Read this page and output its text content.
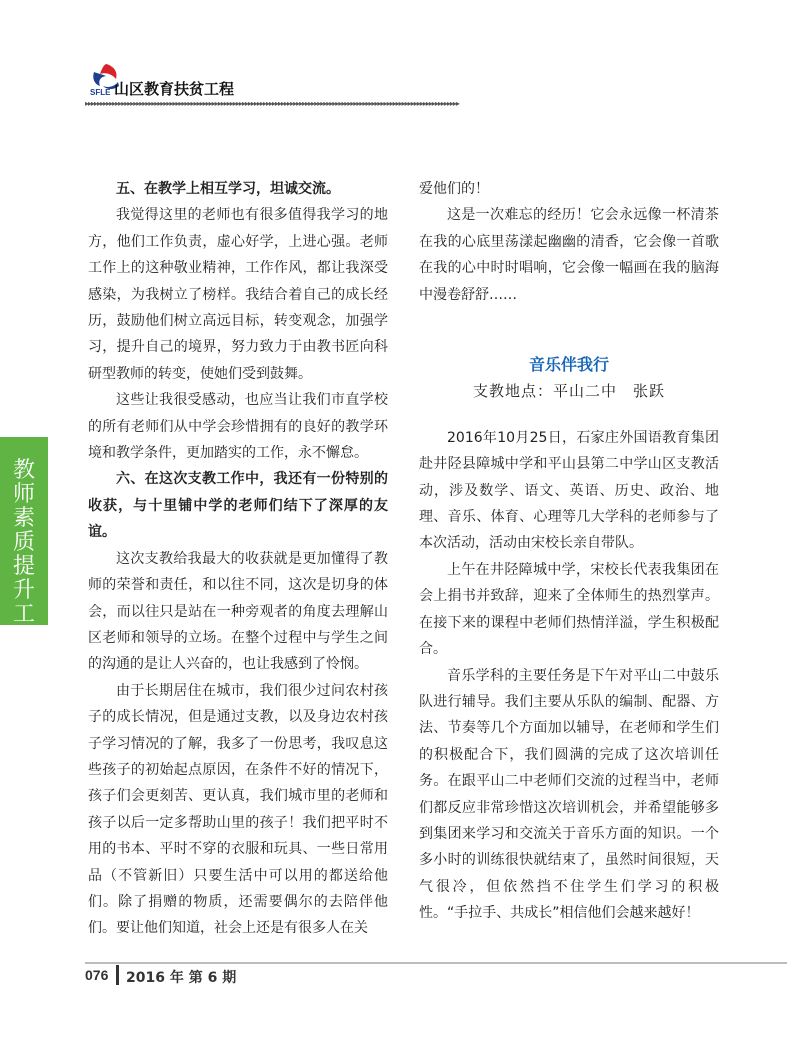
SFLE 山区教育扶贫工程
▸▸▸▸▸▸▸▸▸▸▸▸▸▸▸▸▸▸▸▸▸▸▸▸▸▸▸▸▸▸▸▸▸▸▸▸▸▸▸▸▸▸▸▸▸▸▸▸▸▸▸▸▸▸▸▸▸▸▸▸▸▸▸▸▸▸▸▸▸▸▸▸▸▸▸▸▸▸▸▸▸▸▸▸▸▸▸▸▸▸▸▸▸▸▸▸▸▸▸▸▸▸▸▸▸▸▸▸▸▸▸▸▸▸▸▸▸▸▸▸▸▸▸▸
教师素质提升工程

五、在教学上相互学习，坦诚交流。

我觉得这里的老师也有很多值得我学习的地方，他们工作负责，虚心好学，上进心强。老师工作上的这种敬业精神，工作作风，都让我深受感染，为我树立了榜样。我结合着自己的成长经历，鼓励他们树立高远目标，转变观念，加强学习，提升自己的境界，努力致力于由教书匠向科研型教师的转变，使她们受到鼓舞。

这些让我很受感动，也应当让我们市直学校的所有老师们从中学会珍惜拥有的良好的教学环境和教学条件，更加踏实的工作，永不懈怠。

六、在这次支教工作中，我还有一份特别的收获，与十里铺中学的老师们结下了深厚的友谊。

这次支教给我最大的收获就是更加懂得了教师的荣誉和责任，和以往不同，这次是切身的体会，而以往只是站在一种旁观者的角度去理解山区老师和领导的立场。在整个过程中与学生之间的沟通的是让人兴奋的，也让我感到了怜悯。

由于长期居住在城市，我们很少过问农村孩子的成长情况，但是通过支教，以及身边农村孩子学习情况的了解，我多了一份思考，我叹息这些孩子的初始起点原因，在条件不好的情况下，孩子们会更刻苦、更认真，我们城市里的老师和孩子以后一定多帮助山里的孩子！我们把平时不用的书本、平时不穿的衣服和玩具、一些日常用品（不管新旧）只要生活中可以用的都送给他们。除了捐赠的物质，还需要偶尔的去陪伴他们。要让他们知道，社会上还是有很多人在关

爱他们的！

这是一次难忘的经历！它会永远像一杯清茶在我的心底里荡漾起幽幽的清香，它会像一首歌在我的心中时时唱响，它会像一幅画在我的脑海中漫卷舒舒……

音乐伴我行

支教地点：平山二中　张跃

2016年10月25日，石家庄外国语教育集团赴井陉县障城中学和平山县第二中学山区支教活动，涉及数学、语文、英语、历史、政治、地理、音乐、体育、心理等几大学科的老师参与了本次活动，活动由宋校长亲自带队。

上午在井陉障城中学，宋校长代表我集团在会上捐书并致辞，迎来了全体师生的热烈掌声。在接下来的课程中老师们热情洋溢，学生积极配合。

音乐学科的主要任务是下午对平山二中鼓乐队进行辅导。我们主要从乐队的编制、配器、方法、节奏等几个方面加以辅导，在老师和学生们的积极配合下，我们圆满的完成了这次培训任务。在跟平山二中老师们交流的过程当中，老师们都反应非常珍惜这次培训机会，并希望能够多到集团来学习和交流关于音乐方面的知识。一个多小时的训练很快就结束了，虽然时间很短，天气很冷，但依然挡不住学生们学习的积极性。“手拉手、共成长”相信他们会越来越好！

076 2016 年 第 6 期
